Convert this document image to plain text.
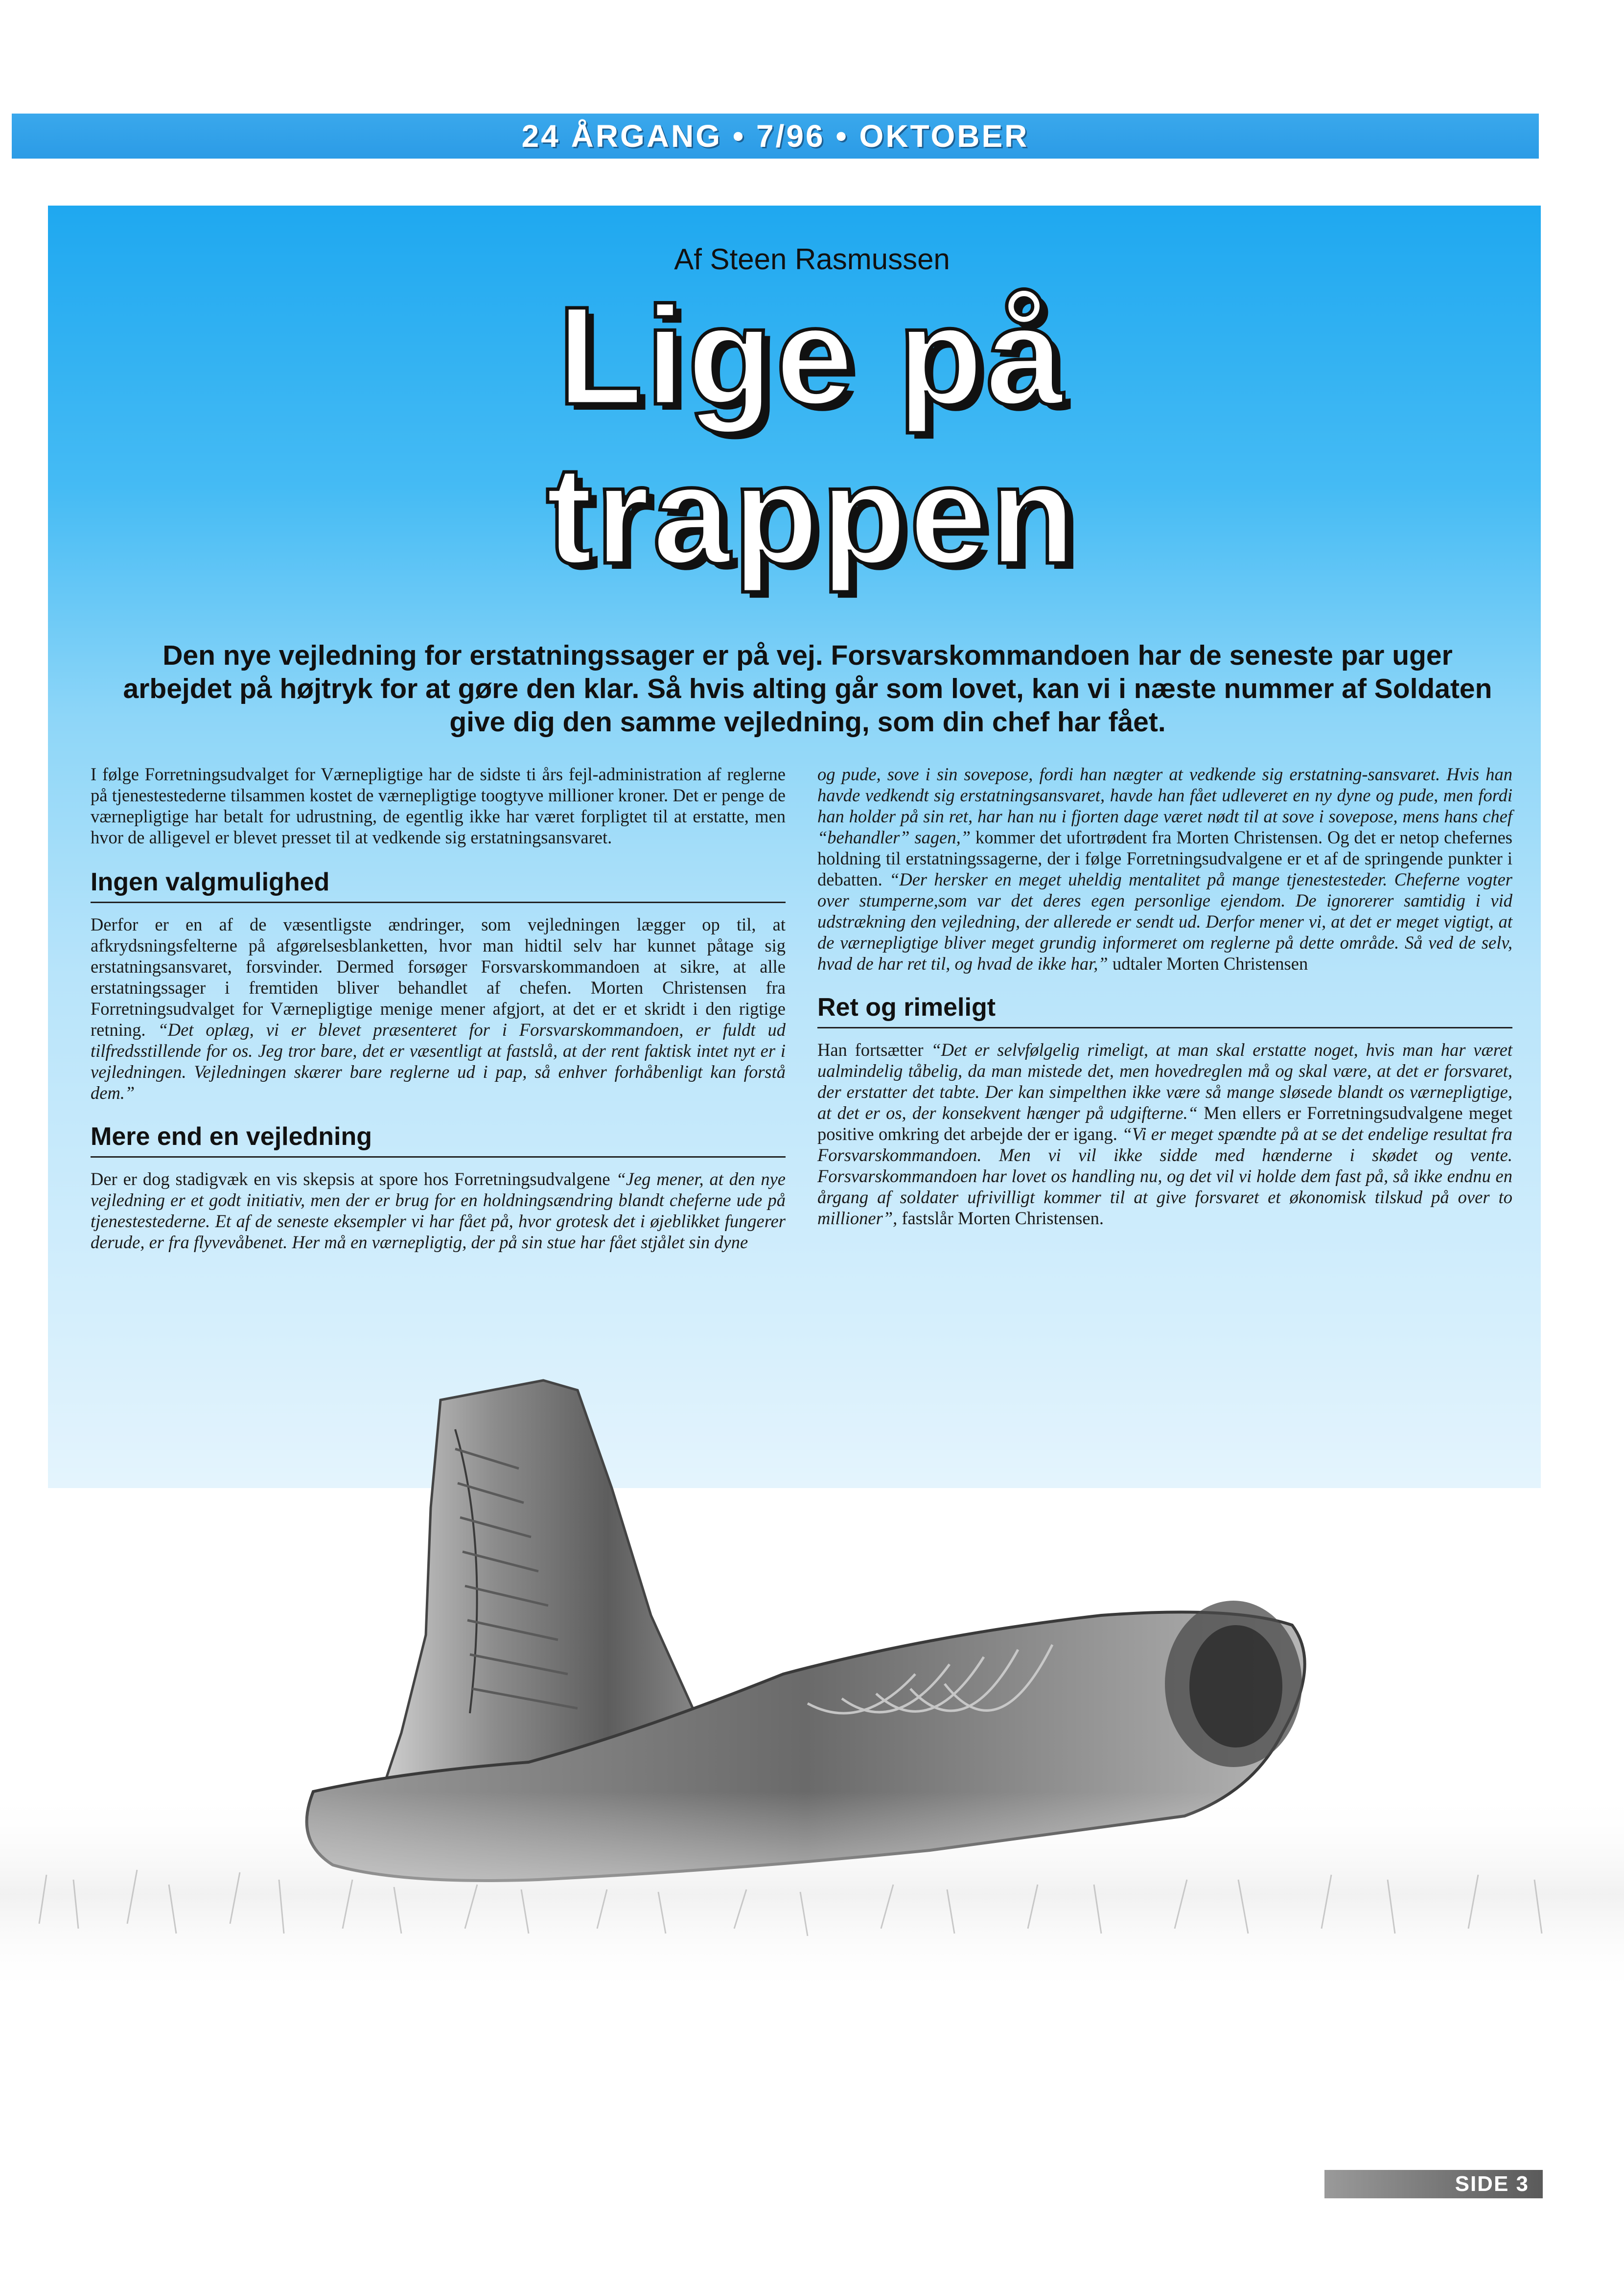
24 ÅRGANG • 7/96 • OKTOBER
Af Steen Rasmussen
Lige på
trappen
Den nye vejledning for erstatningssager er på vej. Forsvarskommandoen har de seneste par uger arbejdet på højtryk for at gøre den klar. Så hvis alting går som lovet, kan vi i næste nummer af Soldaten give dig den samme vejledning, som din chef har fået.

I følge Forretningsudvalget for Værnepligtige har de sidste ti års fejl-administration af reglerne på tjenestestederne tilsammen kostet de værnepligtige toogtyve millioner kroner. Det er penge de værnepligtige har betalt for udrustning, de egentlig ikke har været forpligtet til at erstatte, men hvor de alligevel er blevet presset til at vedkende sig erstatningsansvaret.

Ingen valgmulighed

Derfor er en af de væsentligste ændringer, som vejledningen lægger op til, at afkrydsningsfelterne på afgørelsesblanketten, hvor man hidtil selv har kunnet påtage sig erstatningsansvaret, forsvinder. Dermed forsøger Forsvarskommandoen at sikre, at alle erstatningssager i fremtiden bliver behandlet af chefen. Morten Christensen fra Forretningsudvalget for Værnepligtige menige mener afgjort, at det er et skridt i den rigtige retning. “Det oplæg, vi er blevet præsenteret for i Forsvarskommandoen, er fuldt ud tilfredsstillende for os. Jeg tror bare, det er væsentligt at fastslå, at der rent faktisk intet nyt er i vejledningen. Vejledningen skærer bare reglerne ud i pap, så enhver forhåbenligt kan forstå dem.”

Mere end en vejledning

Der er dog stadigvæk en vis skepsis at spore hos Forretningsudvalgene “Jeg mener, at den nye vejledning er et godt initiativ, men der er brug for en holdningsændring blandt cheferne ude på tjenestestederne. Et af de seneste eksempler vi har fået på, hvor grotesk det i øjeblikket fungerer derude, er fra flyvevåbenet. Her må en værnepligtig, der på sin stue har fået stjålet sin dyne

og pude, sove i sin sovepose, fordi han nægter at vedkende sig erstatning-sansvaret. Hvis han havde vedkendt sig erstatningsansvaret, havde han fået udleveret en ny dyne og pude, men fordi han holder på sin ret, har han nu i fjorten dage været nødt til at sove i sovepose, mens hans chef “behandler” sagen,” kommer det ufortrødent fra Morten Christensen. Og det er netop chefernes holdning til erstatningssagerne, der i følge Forretningsudvalgene er et af de springende punkter i debatten. “Der hersker en meget uheldig mentalitet på mange tjenestesteder. Cheferne vogter over stumperne,som var det deres egen personlige ejendom. De ignorerer samtidig i vid udstrækning den vejledning, der allerede er sendt ud. Derfor mener vi, at det er meget vigtigt, at de værnepligtige bliver meget grundig informeret om reglerne på dette område. Så ved de selv, hvad de har ret til, og hvad de ikke har,” udtaler Morten Christensen

Ret og rimeligt

Han fortsætter “Det er selvfølgelig rimeligt, at man skal erstatte noget, hvis man har været ualmindelig tåbelig, da man mistede det, men hovedreglen må og skal være, at det er forsvaret, der erstatter det tabte. Der kan simpelthen ikke være så mange sløsede blandt os værnepligtige, at det er os, der konsekvent hænger på udgifterne.“ Men ellers er Forretningsudvalgene meget positive omkring det arbejde der er igang. “Vi er meget spændte på at se det endelige resultat fra Forsvarskommandoen. Men vi vil ikke sidde med hænderne i skødet og vente. Forsvarskommandoen har lovet os handling nu, og det vil vi holde dem fast på, så ikke endnu en årgang af soldater ufrivilligt kommer til at give forsvaret et økonomisk tilskud på over to millioner”, fastslår Morten Christensen.

SIDE 3
